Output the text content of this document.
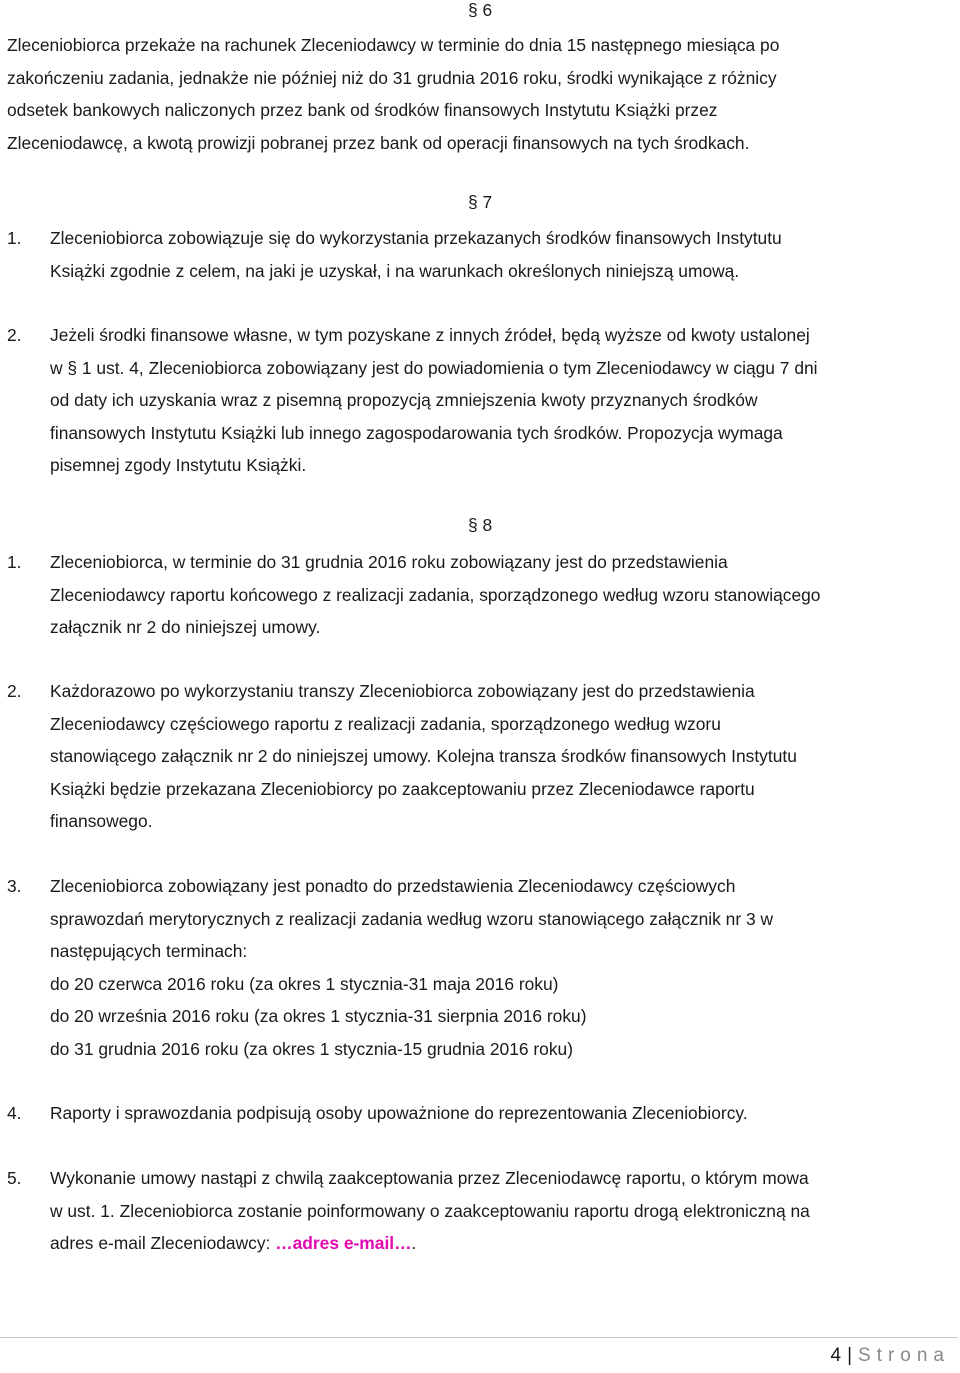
§ 6
Zleceniobiorca przekaże na rachunek Zleceniodawcy w terminie do dnia 15 następnego miesiąca po
zakończeniu zadania, jednakże nie później niż do 31 grudnia 2016 roku, środki wynikające z różnicy
odsetek bankowych naliczonych przez bank od środków finansowych Instytutu Książki przez
Zleceniodawcę, a kwotą prowizji pobranej przez bank od operacji finansowych na tych środkach.
§ 7
1.	Zleceniobiorca zobowiązuje się do wykorzystania przekazanych środków finansowych Instytutu
Książki zgodnie z celem, na jaki je uzyskał, i na warunkach określonych niniejszą umową.
2.	Jeżeli środki finansowe własne, w tym pozyskane z innych źródeł, będą wyższe od kwoty ustalonej
w § 1 ust. 4, Zleceniobiorca zobowiązany jest do powiadomienia o tym Zleceniodawcy w ciągu 7 dni
od daty ich uzyskania wraz z pisemną propozycją zmniejszenia kwoty przyznanych środków
finansowych Instytutu Książki lub innego zagospodarowania tych środków. Propozycja wymaga
pisemnej zgody Instytutu Książki.
§ 8
1.	Zleceniobiorca, w terminie do 31 grudnia 2016 roku zobowiązany jest do przedstawienia
Zleceniodawcy raportu końcowego z realizacji zadania, sporządzonego według wzoru stanowiącego
załącznik nr 2 do niniejszej umowy.
2.	Każdorazowo po wykorzystaniu transzy Zleceniobiorca zobowiązany jest do przedstawienia
Zleceniodawcy częściowego raportu z realizacji zadania, sporządzonego według wzoru
stanowiącego załącznik nr 2 do niniejszej umowy. Kolejna transza środków finansowych Instytutu
Książki będzie przekazana Zleceniobiorcy po zaakceptowaniu przez Zleceniodawce raportu
finansowego.
3.	Zleceniobiorca zobowiązany jest ponadto do przedstawienia Zleceniodawcy częściowych
sprawozdań merytorycznych z realizacji zadania według wzoru stanowiącego załącznik nr 3 w
następujących terminach:
do 20 czerwca 2016 roku (za okres 1 stycznia-31 maja 2016 roku)
do 20 września 2016 roku (za okres 1 stycznia-31 sierpnia 2016 roku)
do 31 grudnia 2016 roku (za okres 1 stycznia-15 grudnia 2016 roku)
4.	Raporty i sprawozdania podpisują osoby upoważnione do reprezentowania Zleceniobiorcy.
5.	Wykonanie umowy nastąpi z chwilą zaakceptowania przez Zleceniodawcę raportu, o którym mowa
w ust. 1. Zleceniobiorca zostanie poinformowany o zaakceptowaniu raportu drogą elektroniczną na
adres e-mail Zleceniodawcy: …adres e-mail….
4 | Strona
